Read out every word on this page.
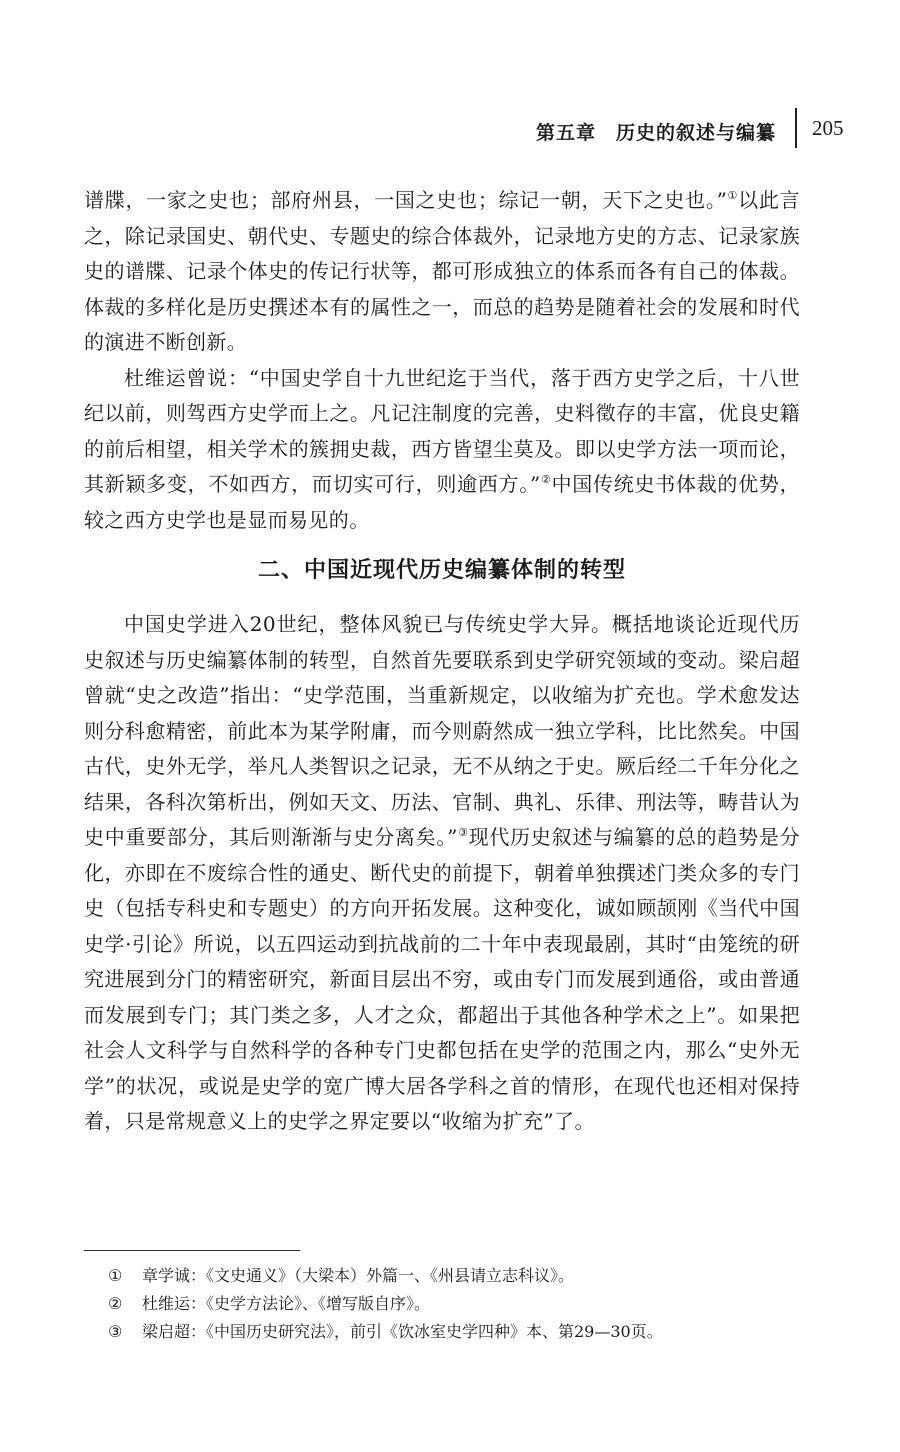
第五章　历史的叙述与编纂 205

谱牒，一家之史也；部府州县，一国之史也；综记一朝，天下之史也。”①以此言之，除记录国史、朝代史、专题史的综合体裁外，记录地方史的方志、记录家族史的谱牒、记录个体史的传记行状等，都可形成独立的体系而各有自己的体裁。体裁的多样化是历史撰述本有的属性之一，而总的趋势是随着社会的发展和时代的演进不断创新。

杜维运曾说：“中国史学自十九世纪迄于当代，落于西方史学之后，十八世纪以前，则驾西方史学而上之。凡记注制度的完善，史料徵存的丰富，优良史籍的前后相望，相关学术的簇拥史裁，西方皆望尘莫及。即以史学方法一项而论，其新颖多变，不如西方，而切实可行，则逾西方。”②中国传统史书体裁的优势，较之西方史学也是显而易见的。

二、中国近现代历史编纂体制的转型

中国史学进入20世纪，整体风貌已与传统史学大异。概括地谈论近现代历史叙述与历史编纂体制的转型，自然首先要联系到史学研究领域的变动。梁启超曾就“史之改造”指出：“史学范围，当重新规定，以收缩为扩充也。学术愈发达则分科愈精密，前此本为某学附庸，而今则蔚然成一独立学科，比比然矣。中国古代，史外无学，举凡人类智识之记录，无不从纳之于史。厥后经二千年分化之结果，各科次第析出，例如天文、历法、官制、典礼、乐律、刑法等，畴昔认为史中重要部分，其后则渐渐与史分离矣。”③现代历史叙述与编纂的总的趋势是分化，亦即在不废综合性的通史、断代史的前提下，朝着单独撰述门类众多的专门史（包括专科史和专题史）的方向开拓发展。这种变化，诚如顾颉刚《当代中国史学·引论》所说，以五四运动到抗战前的二十年中表现最剧，其时“由笼统的研究进展到分门的精密研究，新面目层出不穷，或由专门而发展到通俗，或由普通而发展到专门；其门类之多，人才之众，都超出于其他各种学术之上”。如果把社会人文科学与自然科学的各种专门史都包括在史学的范围之内，那么“史外无学”的状况，或说是史学的宽广博大居各学科之首的情形，在现代也还相对保持着，只是常规意义上的史学之界定要以“收缩为扩充”了。

① 章学诚：《文史通义》（大梁本）外篇一、《州县请立志科议》。
② 杜维运：《史学方法论》、《增写版自序》。
③ 梁启超：《中国历史研究法》，前引《饮冰室史学四种》本、第29—30页。
